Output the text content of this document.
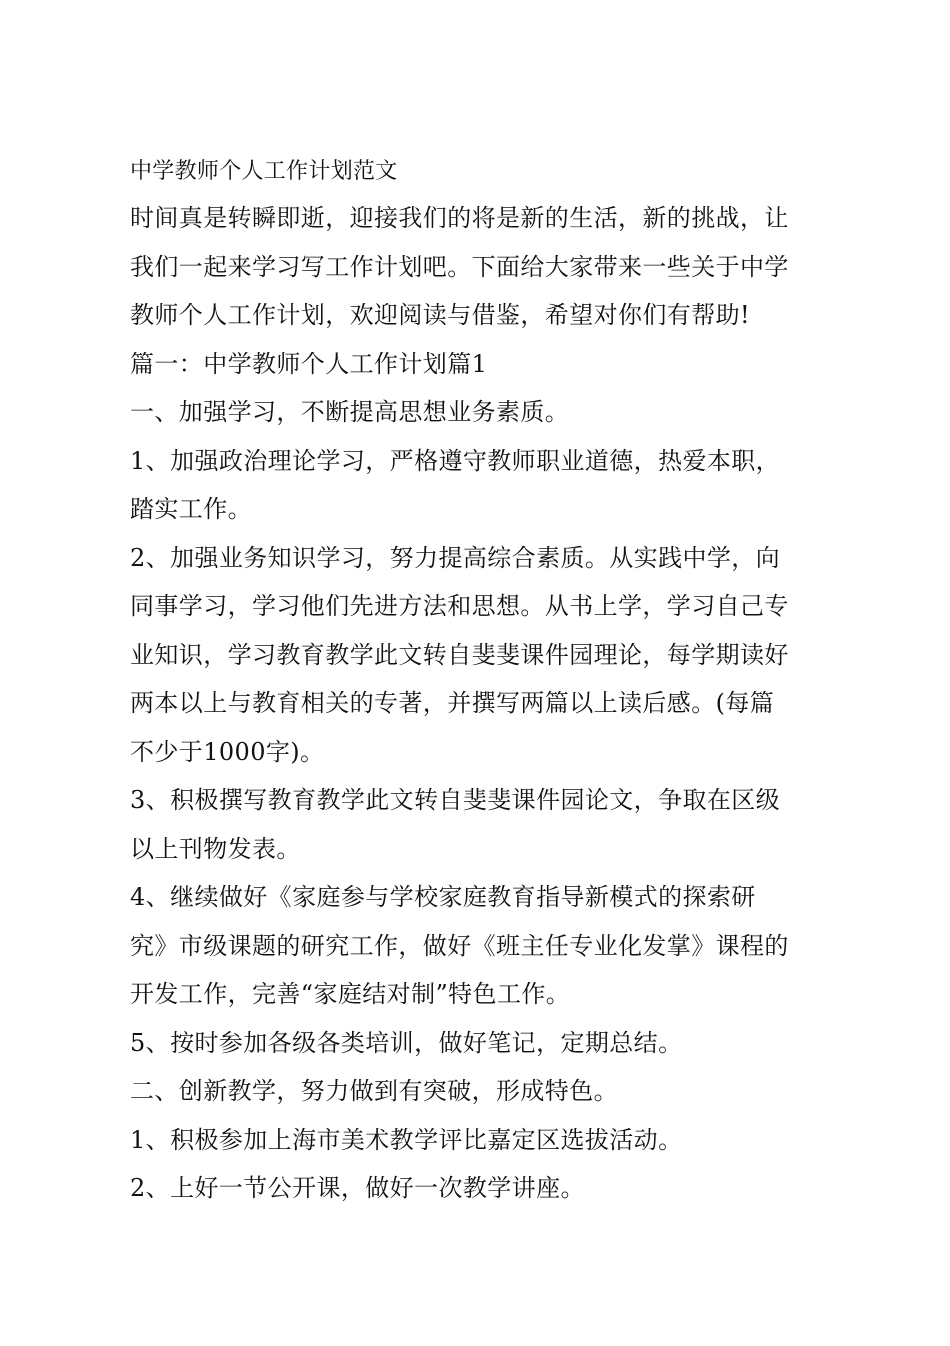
中学教师个人工作计划范文

时间真是转瞬即逝，迎接我们的将是新的生活，新的挑战，让

我们一起来学习写工作计划吧。下面给大家带来一些关于中学

教师个人工作计划，欢迎阅读与借鉴，希望对你们有帮助!

篇一：中学教师个人工作计划篇1

一、加强学习，不断提高思想业务素质。

1、加强政治理论学习，严格遵守教师职业道德，热爱本职，

踏实工作。

2、加强业务知识学习，努力提高综合素质。从实践中学，向

同事学习，学习他们先进方法和思想。从书上学，学习自己专

业知识，学习教育教学此文转自斐斐课件园理论，每学期读好

两本以上与教育相关的专著，并撰写两篇以上读后感。(每篇

不少于1000字)。

3、积极撰写教育教学此文转自斐斐课件园论文，争取在区级

以上刊物发表。

4、继续做好《家庭参与学校家庭教育指导新模式的探索研

究》市级课题的研究工作，做好《班主任专业化发掌》课程的

开发工作，完善“家庭结对制”特色工作。

5、按时参加各级各类培训，做好笔记，定期总结。

二、创新教学，努力做到有突破，形成特色。

1、积极参加上海市美术教学评比嘉定区选拔活动。

2、上好一节公开课，做好一次教学讲座。
